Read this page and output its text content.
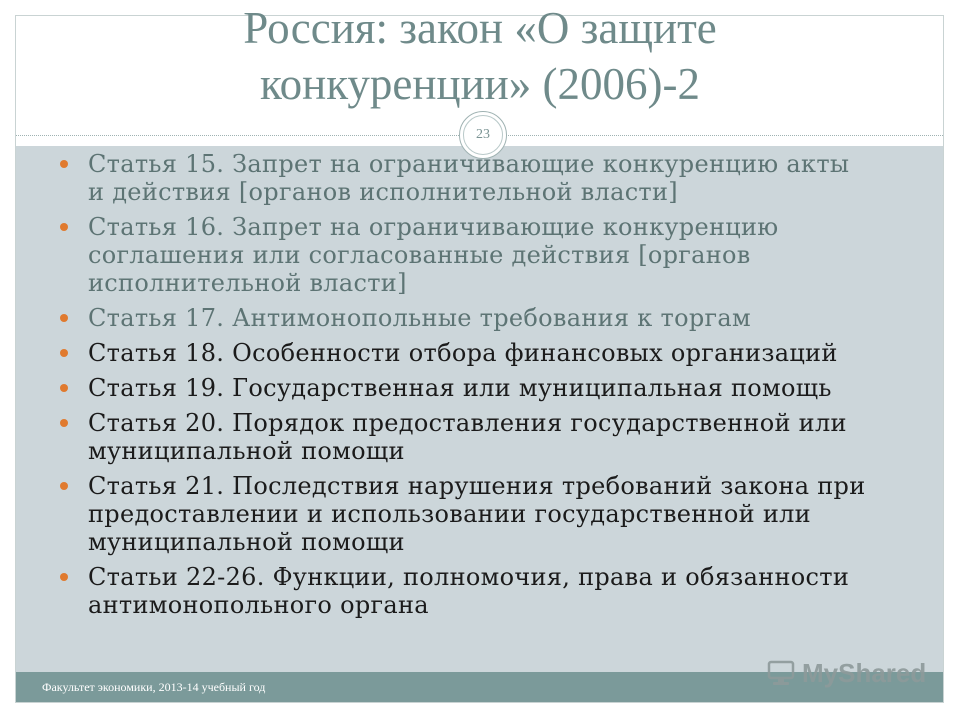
Россия: закон «О защите
конкуренции» (2006)-2
23
Статья 15. Запрет на ограничивающие конкуренцию акты
и действия [органов исполнительной власти]
Статья 16. Запрет на ограничивающие конкуренцию
соглашения или согласованные действия [органов
исполнительной власти]
Статья 17. Антимонопольные требования к торгам
Статья 18. Особенности отбора финансовых организаций
Статья 19. Государственная или муниципальная помощь
Статья 20. Порядок предоставления государственной или
муниципальной помощи
Статья 21. Последствия нарушения требований закона при
предоставлении и использовании государственной или
муниципальной помощи
Статьи 22-26. Функции, полномочия, права и обязанности
антимонопольного органа
Факультет экономики, 2013-14 учебный год	MyShared
